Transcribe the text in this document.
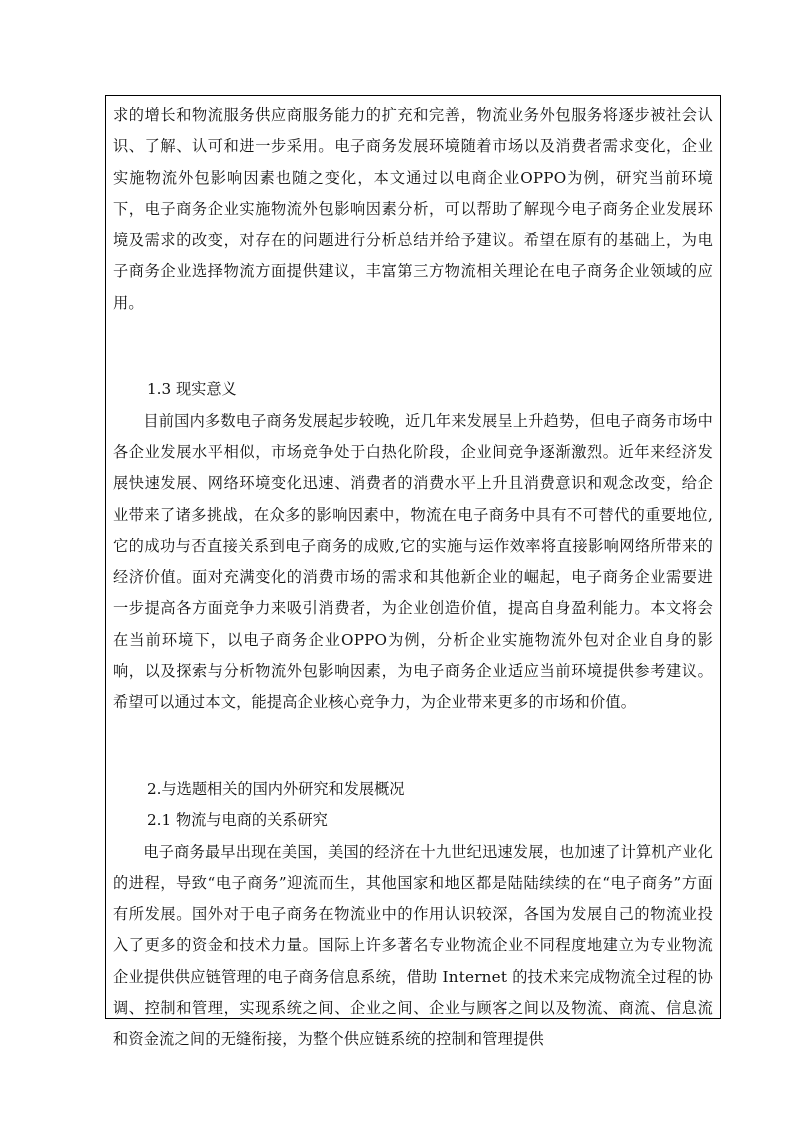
求的增长和物流服务供应商服务能力的扩充和完善，物流业务外包服务将逐步被社会认识、了解、认可和进一步采用。电子商务发展环境随着市场以及消费者需求变化，企业实施物流外包影响因素也随之变化，本文通过以电商企业OPPO为例，研究当前环境下，电子商务企业实施物流外包影响因素分析，可以帮助了解现今电子商务企业发展环境及需求的改变，对存在的问题进行分析总结并给予建议。希望在原有的基础上，为电子商务企业选择物流方面提供建议，丰富第三方物流相关理论在电子商务企业领域的应用。

1.3 现实意义

目前国内多数电子商务发展起步较晚，近几年来发展呈上升趋势，但电子商务市场中各企业发展水平相似，市场竞争处于白热化阶段，企业间竞争逐渐激烈。近年来经济发展快速发展、网络环境变化迅速、消费者的消费水平上升且消费意识和观念改变，给企业带来了诸多挑战，在众多的影响因素中，物流在电子商务中具有不可替代的重要地位,它的成功与否直接关系到电子商务的成败,它的实施与运作效率将直接影响网络所带来的经济价值。面对充满变化的消费市场的需求和其他新企业的崛起，电子商务企业需要进一步提高各方面竞争力来吸引消费者，为企业创造价值，提高自身盈利能力。本文将会在当前环境下，以电子商务企业OPPO为例，分析企业实施物流外包对企业自身的影响，以及探索与分析物流外包影响因素，为电子商务企业适应当前环境提供参考建议。希望可以通过本文，能提高企业核心竞争力，为企业带来更多的市场和价值。

2.与选题相关的国内外研究和发展概况

2.1 物流与电商的关系研究

电子商务最早出现在美国，美国的经济在十九世纪迅速发展，也加速了计算机产业化的进程，导致“电子商务”迎流而生，其他国家和地区都是陆陆续续的在“电子商务”方面有所发展。国外对于电子商务在物流业中的作用认识较深，各国为发展自己的物流业投入了更多的资金和技术力量。国际上许多著名专业物流企业不同程度地建立为专业物流企业提供供应链管理的电子商务信息系统，借助 Internet 的技术来完成物流全过程的协调、控制和管理，实现系统之间、企业之间、企业与顾客之间以及物流、商流、信息流和资金流之间的无缝衔接，为整个供应链系统的控制和管理提供
